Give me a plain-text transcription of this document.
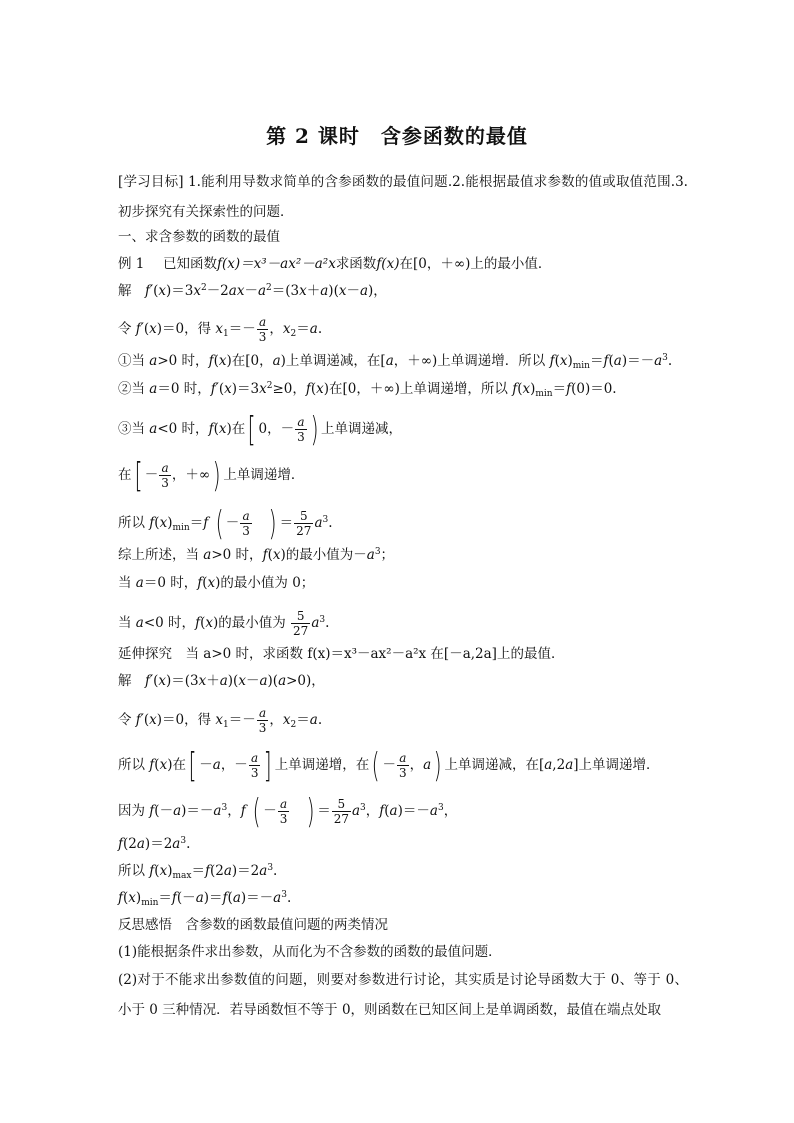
第 2 课时　含参函数的最值
[学习目标] 1.能利用导数求简单的含参函数的最值问题.2.能根据最值求参数的值或取值范围.3.初步探究有关探索性的问题．
一、求含参数的函数的最值
例 1 已知函数f(x)＝x³－ax²－a²x求函数f(x)在[0，＋∞)上的最小值．
解　 $f'(x)=3x^2-2ax-a^2=(3x+a)(x-a)$，
令 f′(x)＝0，得 $x_1=- \frac{a}{3}$ ，$x_2=a$.
①当 a>0 时，f(x)在[0，a)上单调递减，在[a，＋∞)上单调递增．所以 $f(x)_{min}=f(a)=-a^3$.
②当 a＝0 时，$f'(x)=3x^2\ge 0$，f(x)在[0，＋∞)上单调递增，所以 $f(x)_{min}=f(0)=0$.
③当 a<0 时，f(x)在[ 0，－ $\frac{a}{3}$ ) 上单调递减，
在[ － $\frac{a}{3}$ ，＋∞) 上单调递增．
所以 $f(x)_{min}=f$ ( － $\frac{a}{3}$
　 ) ＝ $\frac{5}{27} a^3$.
综上所述，当 a>0 时，f(x)的最小值为$-a^3$；
当 a＝0 时，f(x)的最小值为 0；
当 a<0 时，f(x)的最小值为 $\frac{5}{27} a^3$.
延伸探究　 当 a>0 时，求函数 f(x)＝x³－ax²－a²x 在[－a,2a]上的最值．
解　f′(x)＝(3x＋a)(x－a)(a>0)，
令 f′(x)＝0，得 $x_1=- \frac{a}{3}$ ，$x_2=a$.
所以 f(x)在[ －a，－ $\frac{a}{3}$ ] 上单调递增，在( － $\frac{a}{3}$ ，a) 上单调递减，在[a,2a]上单调递增．
因为 $f(-a)=-a^3$，f ( － $\frac{a}{3}$
　 ) ＝ $\frac{5}{27} a^3$，$f(a)=-a^3$，
$f(2a)=2a^3$.
所以 $f(x)_{max}=f(2a)=2a^3$.
$f(x)_{min}=f(-a)=f(a)=-a^3$.
反思感悟　 含参数的函数最值问题的两类情况
(1)能根据条件求出参数，从而化为不含参数的函数的最值问题．
(2)对于不能求出参数值的问题，则要对参数进行讨论，其实质是讨论导函数大于 0、等于 0、小于 0 三种情况．若导函数恒不等于 0，则函数在已知区间上是单调函数，最值在端点处取
